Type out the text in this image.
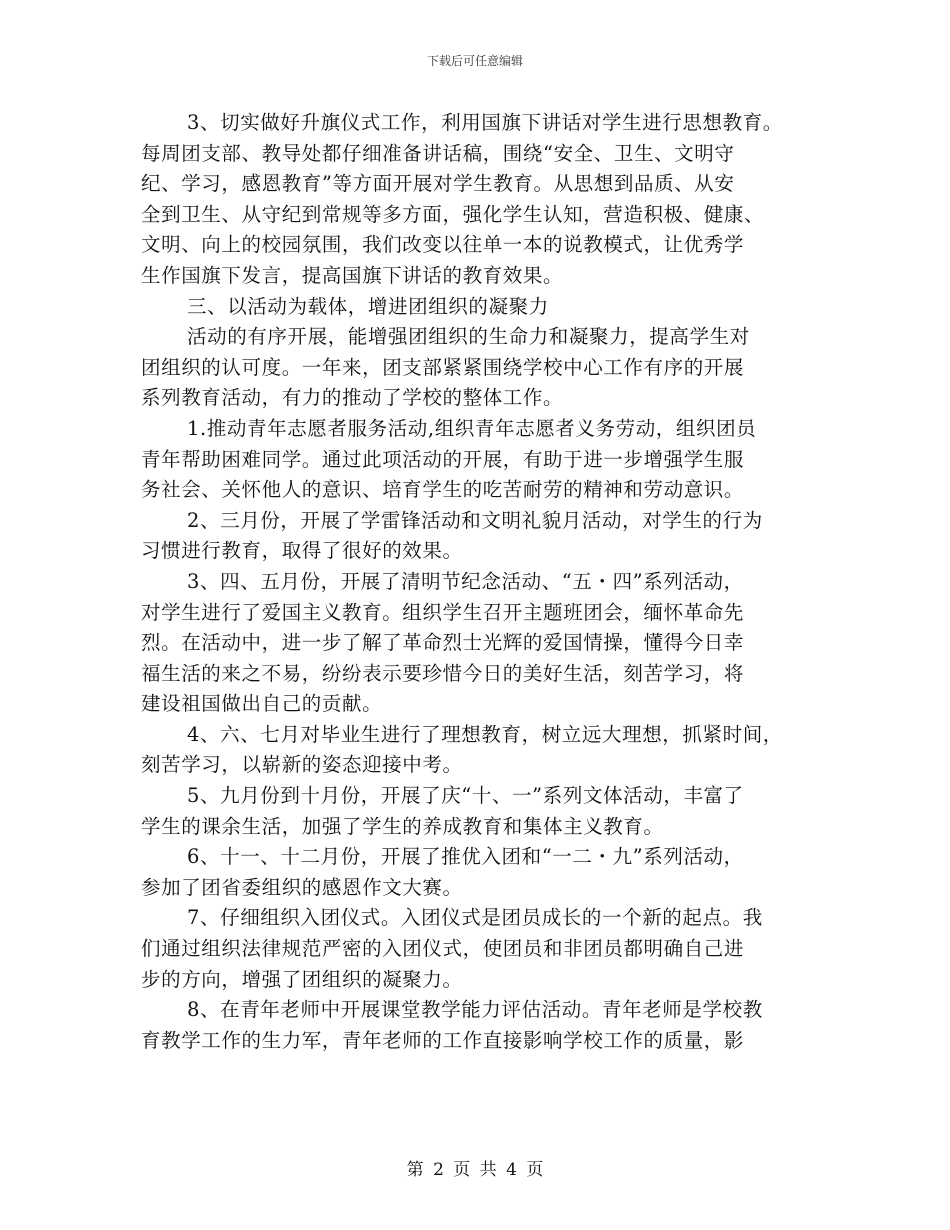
下载后可任意编辑
3、切实做好升旗仪式工作，利用国旗下讲话对学生进行思想教育。
每周团支部、教导处都仔细准备讲话稿，围绕“安全、卫生、文明守
纪、学习，感恩教育”等方面开展对学生教育。从思想到品质、从安
全到卫生、从守纪到常规等多方面，强化学生认知，营造积极、健康、
文明、向上的校园氛围，我们改变以往单一本的说教模式，让优秀学
生作国旗下发言，提高国旗下讲话的教育效果。
三、以活动为载体，增进团组织的凝聚力
活动的有序开展，能增强团组织的生命力和凝聚力，提高学生对
团组织的认可度。一年来，团支部紧紧围绕学校中心工作有序的开展
系列教育活动，有力的推动了学校的整体工作。
1.推动青年志愿者服务活动,组织青年志愿者义务劳动，组织团员
青年帮助困难同学。通过此项活动的开展，有助于进一步增强学生服
务社会、关怀他人的意识、培育学生的吃苦耐劳的精神和劳动意识。
2、三月份，开展了学雷锋活动和文明礼貌月活动，对学生的行为
习惯进行教育，取得了很好的效果。
3、四、五月份，开展了清明节纪念活动、“五・四”系列活动，
对学生进行了爱国主义教育。组织学生召开主题班团会，缅怀革命先
烈。在活动中，进一步了解了革命烈士光辉的爱国情操，懂得今日幸
福生活的来之不易，纷纷表示要珍惜今日的美好生活，刻苦学习，将
建设祖国做出自己的贡献。
4、六、七月对毕业生进行了理想教育，树立远大理想，抓紧时间，
刻苦学习，以崭新的姿态迎接中考。
5、九月份到十月份，开展了庆“十、一”系列文体活动，丰富了
学生的课余生活，加强了学生的养成教育和集体主义教育。
6、十一、十二月份，开展了推优入团和“一二・九”系列活动，
参加了团省委组织的感恩作文大赛。
7、仔细组织入团仪式。入团仪式是团员成长的一个新的起点。我
们通过组织法律规范严密的入团仪式，使团员和非团员都明确自己进
步的方向，增强了团组织的凝聚力。
8、在青年老师中开展课堂教学能力评估活动。青年老师是学校教
育教学工作的生力军，青年老师的工作直接影响学校工作的质量，影
第 2 页 共 4 页
